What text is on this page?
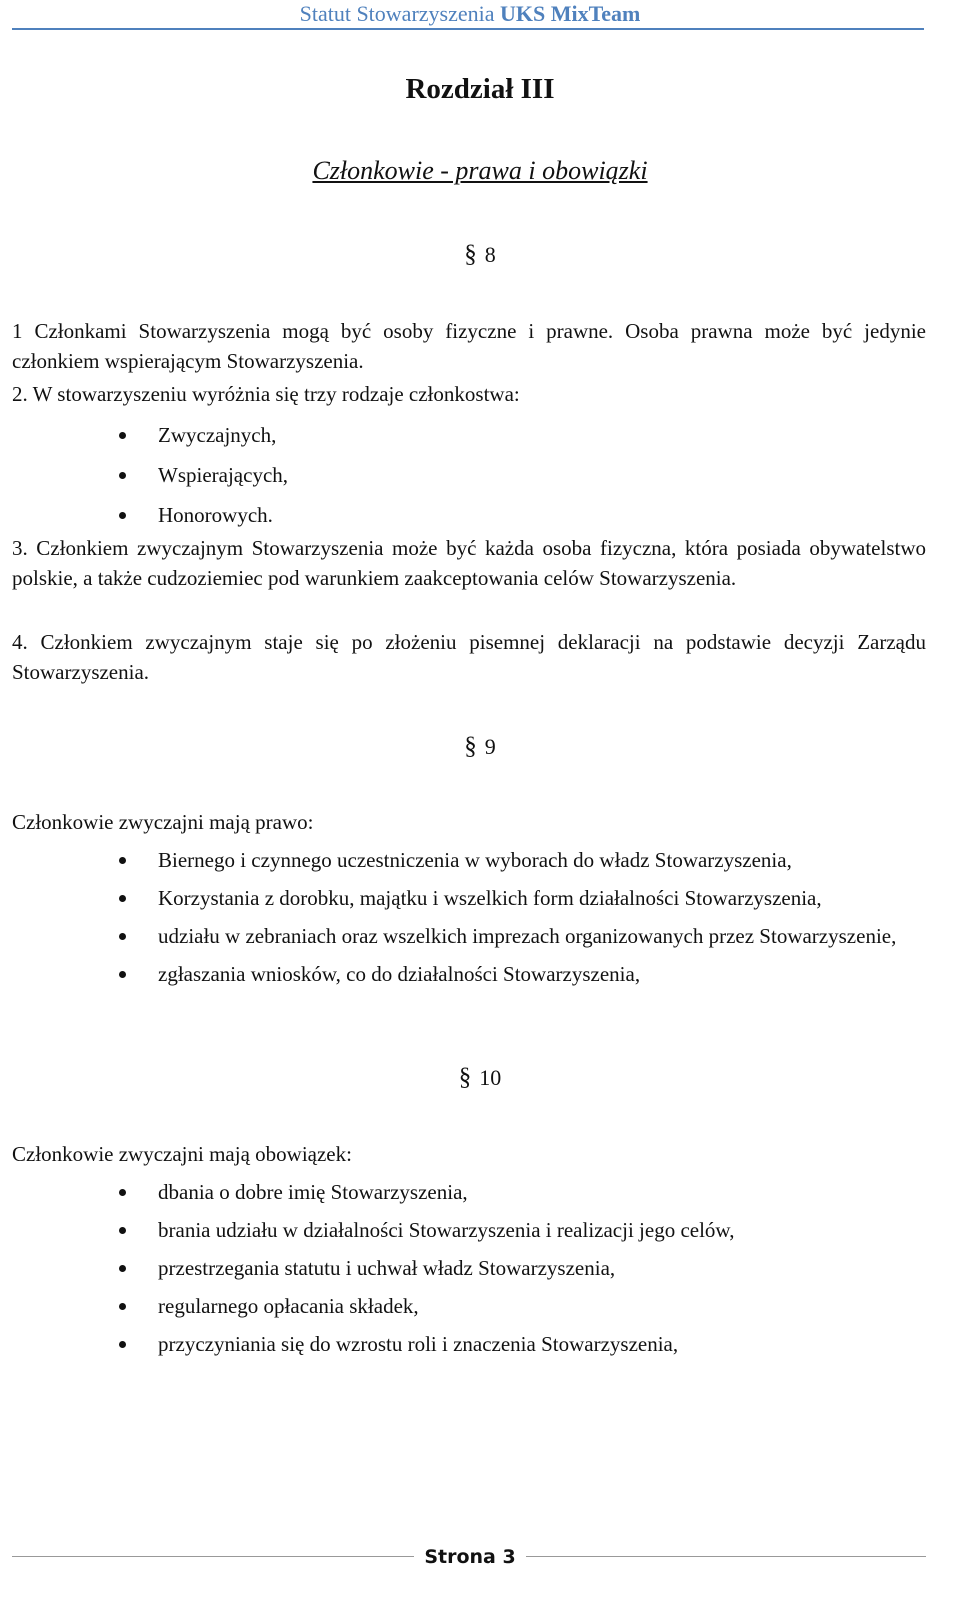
Statut Stowarzyszenia UKS MixTeam
Rozdział III
Członkowie - prawa i obowiązki
§ 8
1 Członkami Stowarzyszenia mogą być osoby fizyczne i prawne. Osoba prawna może być jedynie członkiem wspierającym Stowarzyszenia.
2. W stowarzyszeniu wyróżnia się trzy rodzaje członkostwa:
Zwyczajnych,
Wspierających,
Honorowych.
3. Członkiem zwyczajnym Stowarzyszenia może być każda osoba fizyczna, która posiada obywatelstwo polskie, a także cudzoziemiec pod warunkiem zaakceptowania celów Stowarzyszenia.
4. Członkiem zwyczajnym staje się po złożeniu pisemnej deklaracji na podstawie decyzji Zarządu Stowarzyszenia.
§ 9
Członkowie zwyczajni mają prawo:
Biernego i czynnego uczestniczenia w wyborach do władz Stowarzyszenia,
Korzystania z dorobku, majątku i wszelkich form działalności Stowarzyszenia,
udziału w zebraniach oraz wszelkich imprezach organizowanych przez Stowarzyszenie,
zgłaszania wniosków, co do działalności Stowarzyszenia,
§ 10
Członkowie zwyczajni mają obowiązek:
dbania o dobre imię Stowarzyszenia,
brania udziału w działalności Stowarzyszenia i realizacji jego celów,
przestrzegania statutu i uchwał władz Stowarzyszenia,
regularnego opłacania składek,
przyczyniania się do wzrostu roli i znaczenia Stowarzyszenia,
Strona 3
